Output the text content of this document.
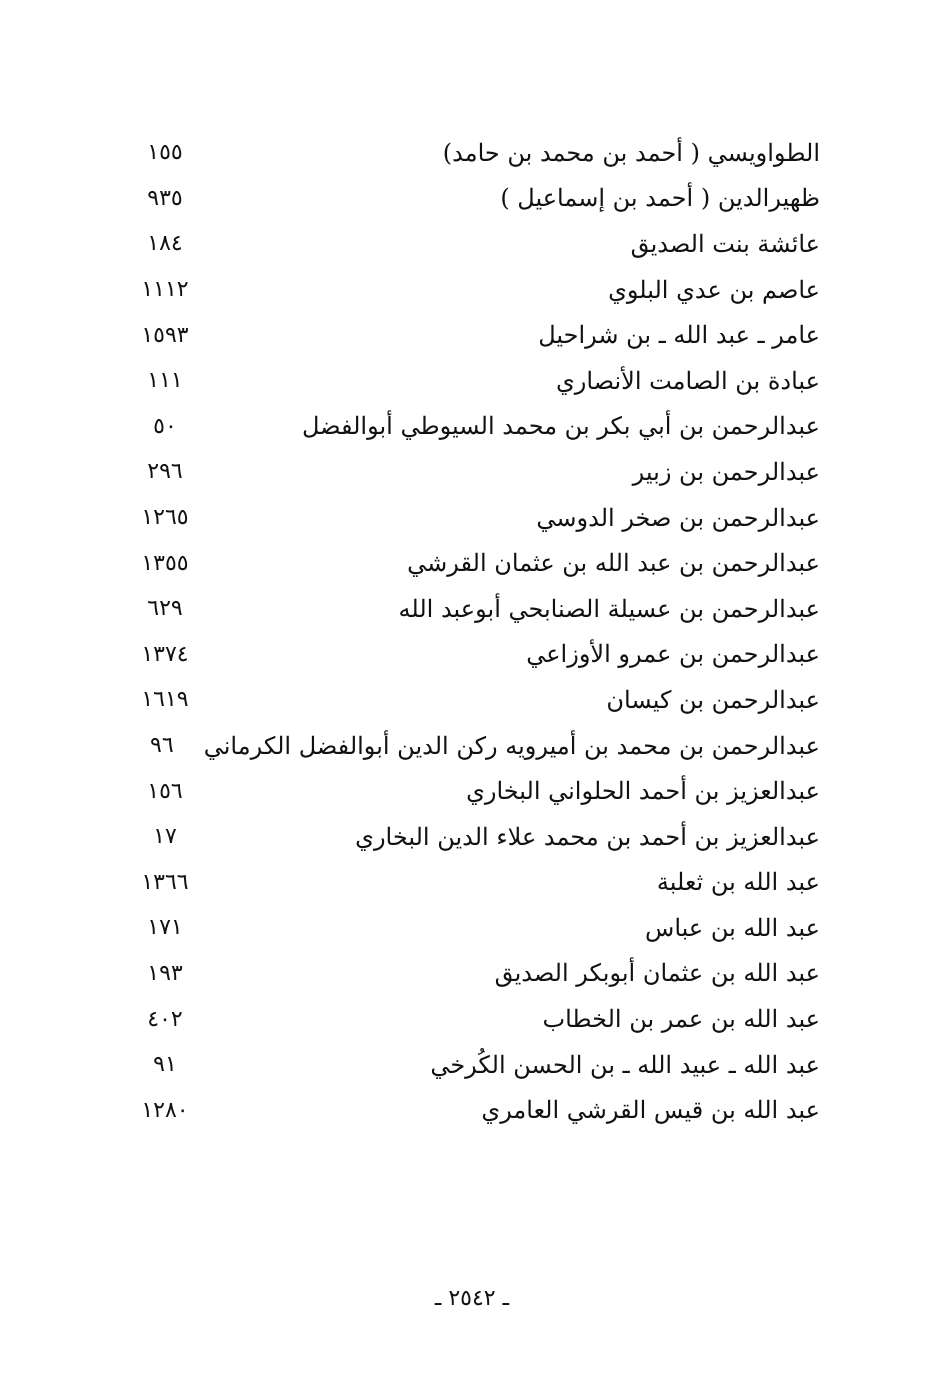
الطواويسي ( أحمد بن محمد بن حامد)
١٥٥
ظهيرالدين ( أحمد بن إسماعيل )
٩٣٥
عائشة بنت الصديق
١٨٤
عاصم بن عدي البلوي
١١١٢
عامر ـ عبد الله ـ بن شراحيل
١٥٩٣
عبادة بن الصامت الأنصاري
١١١
عبدالرحمن بن أبي بكر بن محمد السيوطي أبوالفضل
٥٠
عبدالرحمن بن زبير
٢٩٦
عبدالرحمن بن صخر الدوسي
١٢٦٥
عبدالرحمن بن عبد الله بن عثمان القرشي
١٣٥٥
عبدالرحمن بن عسيلة الصنابحي أبوعبد الله
٦٢٩
عبدالرحمن بن عمرو الأوزاعي
١٣٧٤
عبدالرحمن بن كيسان
١٦١٩
عبدالرحمن بن محمد بن أميرويه ركن الدين أبوالفضل الكرماني
٩٦
عبدالعزيز بن أحمد الحلواني البخاري
١٥٦
عبدالعزيز بن أحمد بن محمد علاء الدين البخاري
١٧
عبد الله بن ثعلبة
١٣٦٦
عبد الله بن عباس
١٧١
عبد الله بن عثمان أبوبكر الصديق
١٩٣
عبد الله بن عمر بن الخطاب
٤٠٢
عبد الله ـ عبيد الله ـ بن الحسن الكُرخي
٩١
عبد الله بن قيس القرشي العامري
١٢٨٠
ـ ٢٥٤٢ ـ
